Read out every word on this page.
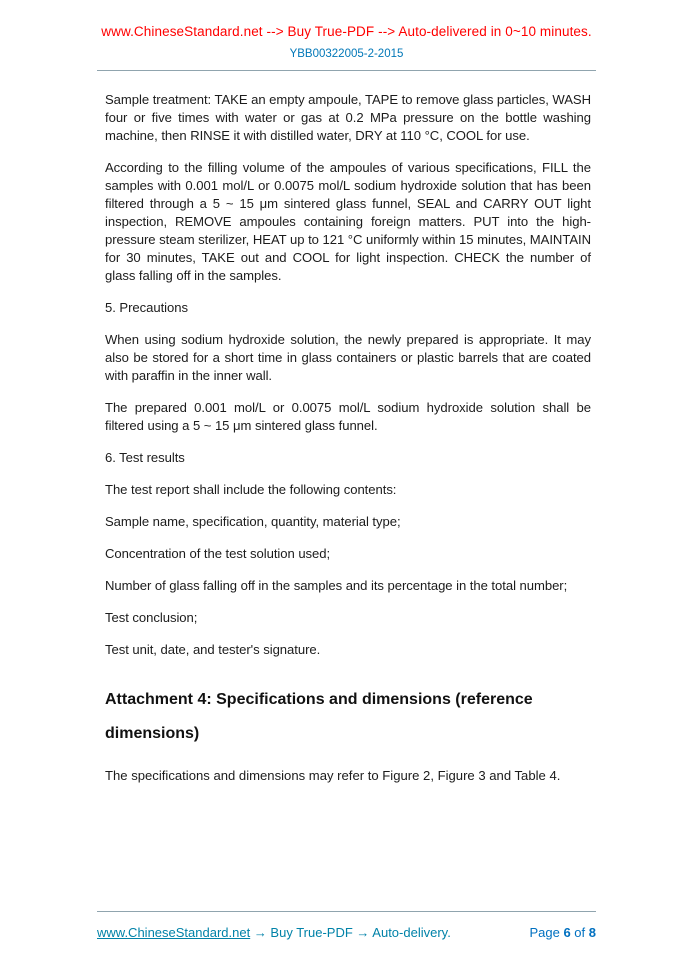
www.ChineseStandard.net --> Buy True-PDF --> Auto-delivered in 0~10 minutes.

YBB00322005-2-2015

Sample treatment: TAKE an empty ampoule, TAPE to remove glass particles, WASH four or five times with water or gas at 0.2 MPa pressure on the bottle washing machine, then RINSE it with distilled water, DRY at 110 °C, COOL for use.

According to the filling volume of the ampoules of various specifications, FILL the samples with 0.001 mol/L or 0.0075 mol/L sodium hydroxide solution that has been filtered through a 5 ~ 15 μm sintered glass funnel, SEAL and CARRY OUT light inspection, REMOVE ampoules containing foreign matters. PUT into the high-pressure steam sterilizer, HEAT up to 121 °C uniformly within 15 minutes, MAINTAIN for 30 minutes, TAKE out and COOL for light inspection. CHECK the number of glass falling off in the samples.

5. Precautions

When using sodium hydroxide solution, the newly prepared is appropriate. It may also be stored for a short time in glass containers or plastic barrels that are coated with paraffin in the inner wall.

The prepared 0.001 mol/L or 0.0075 mol/L sodium hydroxide solution shall be filtered using a 5 ~ 15 μm sintered glass funnel.

6. Test results

The test report shall include the following contents:

Sample name, specification, quantity, material type;

Concentration of the test solution used;

Number of glass falling off in the samples and its percentage in the total number;

Test conclusion;

Test unit, date, and tester's signature.

Attachment 4: Specifications and dimensions (reference dimensions)

The specifications and dimensions may refer to Figure 2, Figure 3 and Table 4.

www.ChineseStandard.net → Buy True-PDF → Auto-delivery.	Page 6 of 8
